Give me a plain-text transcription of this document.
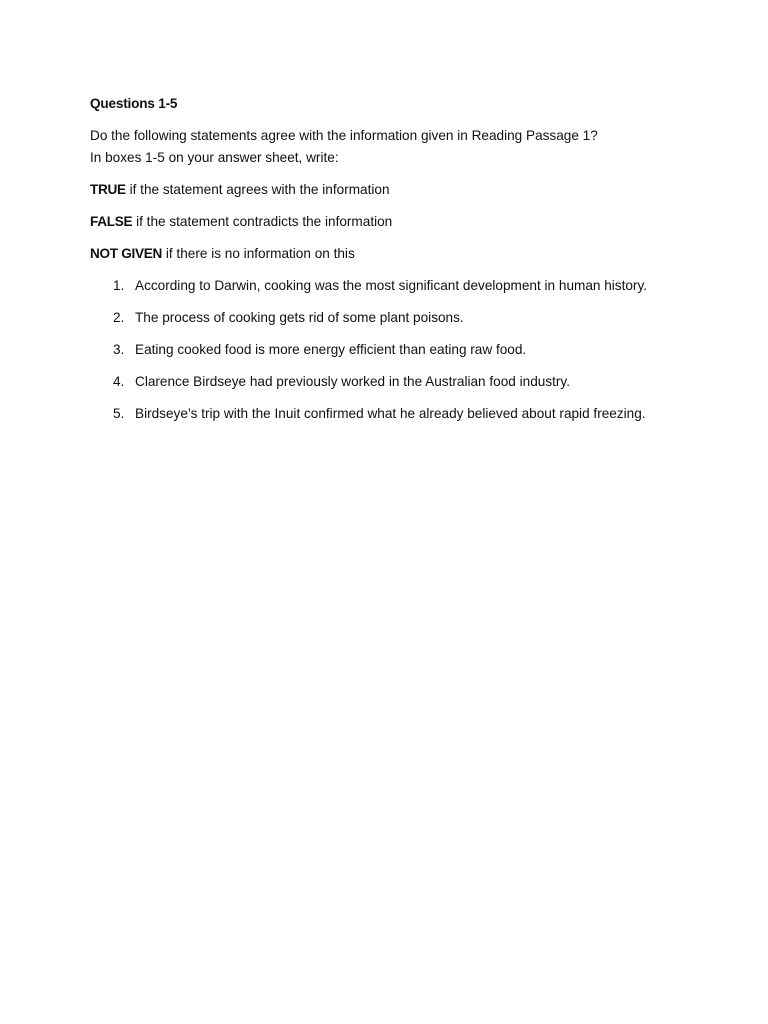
Questions 1-5
Do the following statements agree with the information given in Reading Passage 1?
In boxes 1-5 on your answer sheet, write:
TRUE if the statement agrees with the information
FALSE if the statement contradicts the information
NOT GIVEN if there is no information on this
1. According to Darwin, cooking was the most significant development in human history.
2. The process of cooking gets rid of some plant poisons.
3. Eating cooked food is more energy efficient than eating raw food.
4. Clarence Birdseye had previously worked in the Australian food industry.
5. Birdseye’s trip with the Inuit confirmed what he already believed about rapid freezing.
